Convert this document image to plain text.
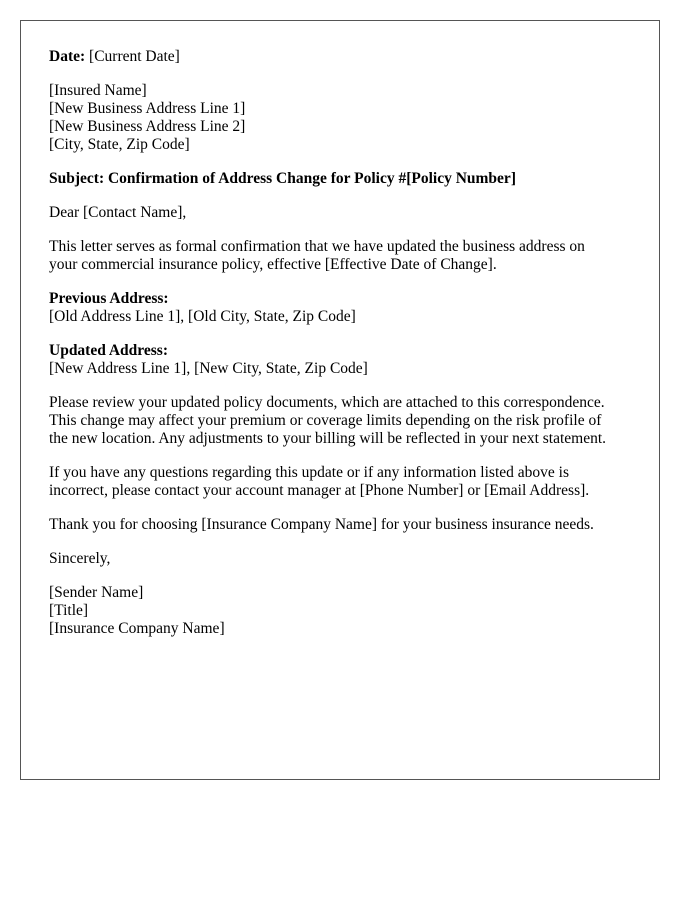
Date: [Current Date]
[Insured Name]
[New Business Address Line 1]
[New Business Address Line 2]
[City, State, Zip Code]
Subject: Confirmation of Address Change for Policy #[Policy Number]
Dear [Contact Name],
This letter serves as formal confirmation that we have updated the business address on
your commercial insurance policy, effective [Effective Date of Change].
Previous Address:
[Old Address Line 1], [Old City, State, Zip Code]
Updated Address:
[New Address Line 1], [New City, State, Zip Code]
Please review your updated policy documents, which are attached to this correspondence.
This change may affect your premium or coverage limits depending on the risk profile of
the new location. Any adjustments to your billing will be reflected in your next statement.
If you have any questions regarding this update or if any information listed above is
incorrect, please contact your account manager at [Phone Number] or [Email Address].
Thank you for choosing [Insurance Company Name] for your business insurance needs.
Sincerely,
[Sender Name]
[Title]
[Insurance Company Name]
